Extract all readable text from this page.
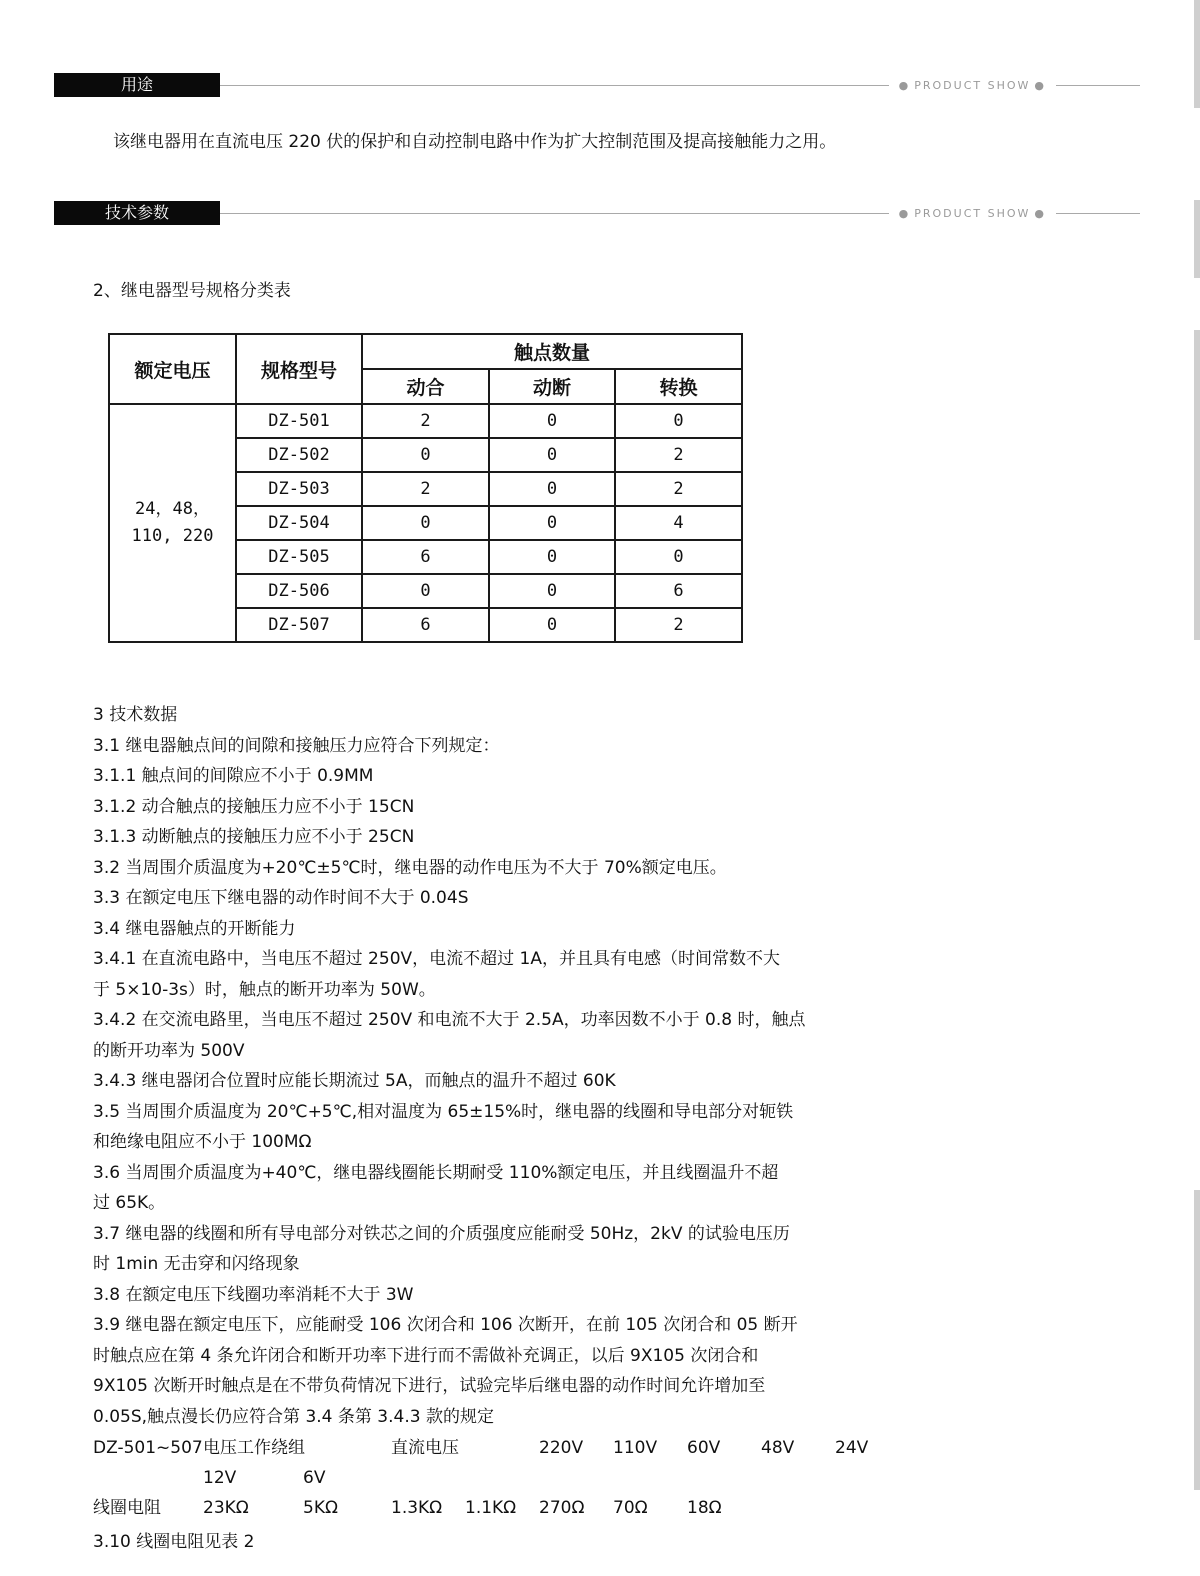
用途	● PRODUCT SHOW ●
该继电器用在直流电压 220 伏的保护和自动控制电路中作为扩大控制范围及提高接触能力之用。
技术参数	● PRODUCT SHOW ●
2、继电器型号规格分类表
额定电压	规格型号	触点数量		
		动合	动断	转换

24，48，
110, 220	DZ-501	2	0	0
	DZ-502	0	0	2
	DZ-503	2	0	2
	DZ-504	0	0	4
	DZ-505	6	0	0
	DZ-506	0	0	6
	DZ-507	6	0	2
3 技术数据
3.1 继电器触点间的间隙和接触压力应符合下列规定：
3.1.1 触点间的间隙应不小于 0.9MM
3.1.2 动合触点的接触压力应不小于 15CN
3.1.3 动断触点的接触压力应不小于 25CN
3.2 当周围介质温度为+20℃±5℃时，继电器的动作电压为不大于 70%额定电压。
3.3 在额定电压下继电器的动作时间不大于 0.04S
3.4 继电器触点的开断能力
3.4.1 在直流电路中，当电压不超过 250V，电流不超过 1A，并且具有电感（时间常数不大
于 5×10-3s）时，触点的断开功率为 50W。
3.4.2 在交流电路里，当电压不超过 250V 和电流不大于 2.5A，功率因数不小于 0.8 时，触点
的断开功率为 500V
3.4.3 继电器闭合位置时应能长期流过 5A，而触点的温升不超过 60K
3.5 当周围介质温度为 20℃+5℃,相对温度为 65±15%时，继电器的线圈和导电部分对轭铁
和绝缘电阻应不小于 100MΩ
3.6 当周围介质温度为+40℃，继电器线圈能长期耐受 110%额定电压，并且线圈温升不超
过 65K。
3.7 继电器的线圈和所有导电部分对铁芯之间的介质强度应能耐受 50Hz，2kV 的试验电压历
时 1min 无击穿和闪络现象
3.8 在额定电压下线圈功率消耗不大于 3W
3.9 继电器在额定电压下，应能耐受 106 次闭合和 106 次断开，在前 105 次闭合和 05 断开
时触点应在第 4 条允许闭合和断开功率下进行而不需做补充调正，以后 9X105 次闭合和
9X105 次断开时触点是在不带负荷情况下进行，试验完毕后继电器的动作时间允许增加至
0.05S,触点漫长仍应符合第 3.4 条第 3.4.3 款的规定
DZ-501~507 电压工作绕组	直流电压	220V 110V 60V 48V 24V
12V	6V
线圈电阻 23KΩ	5KΩ	1.3KΩ 1.1KΩ 270Ω 70Ω 18Ω
3.10 线圈电阻见表 2
